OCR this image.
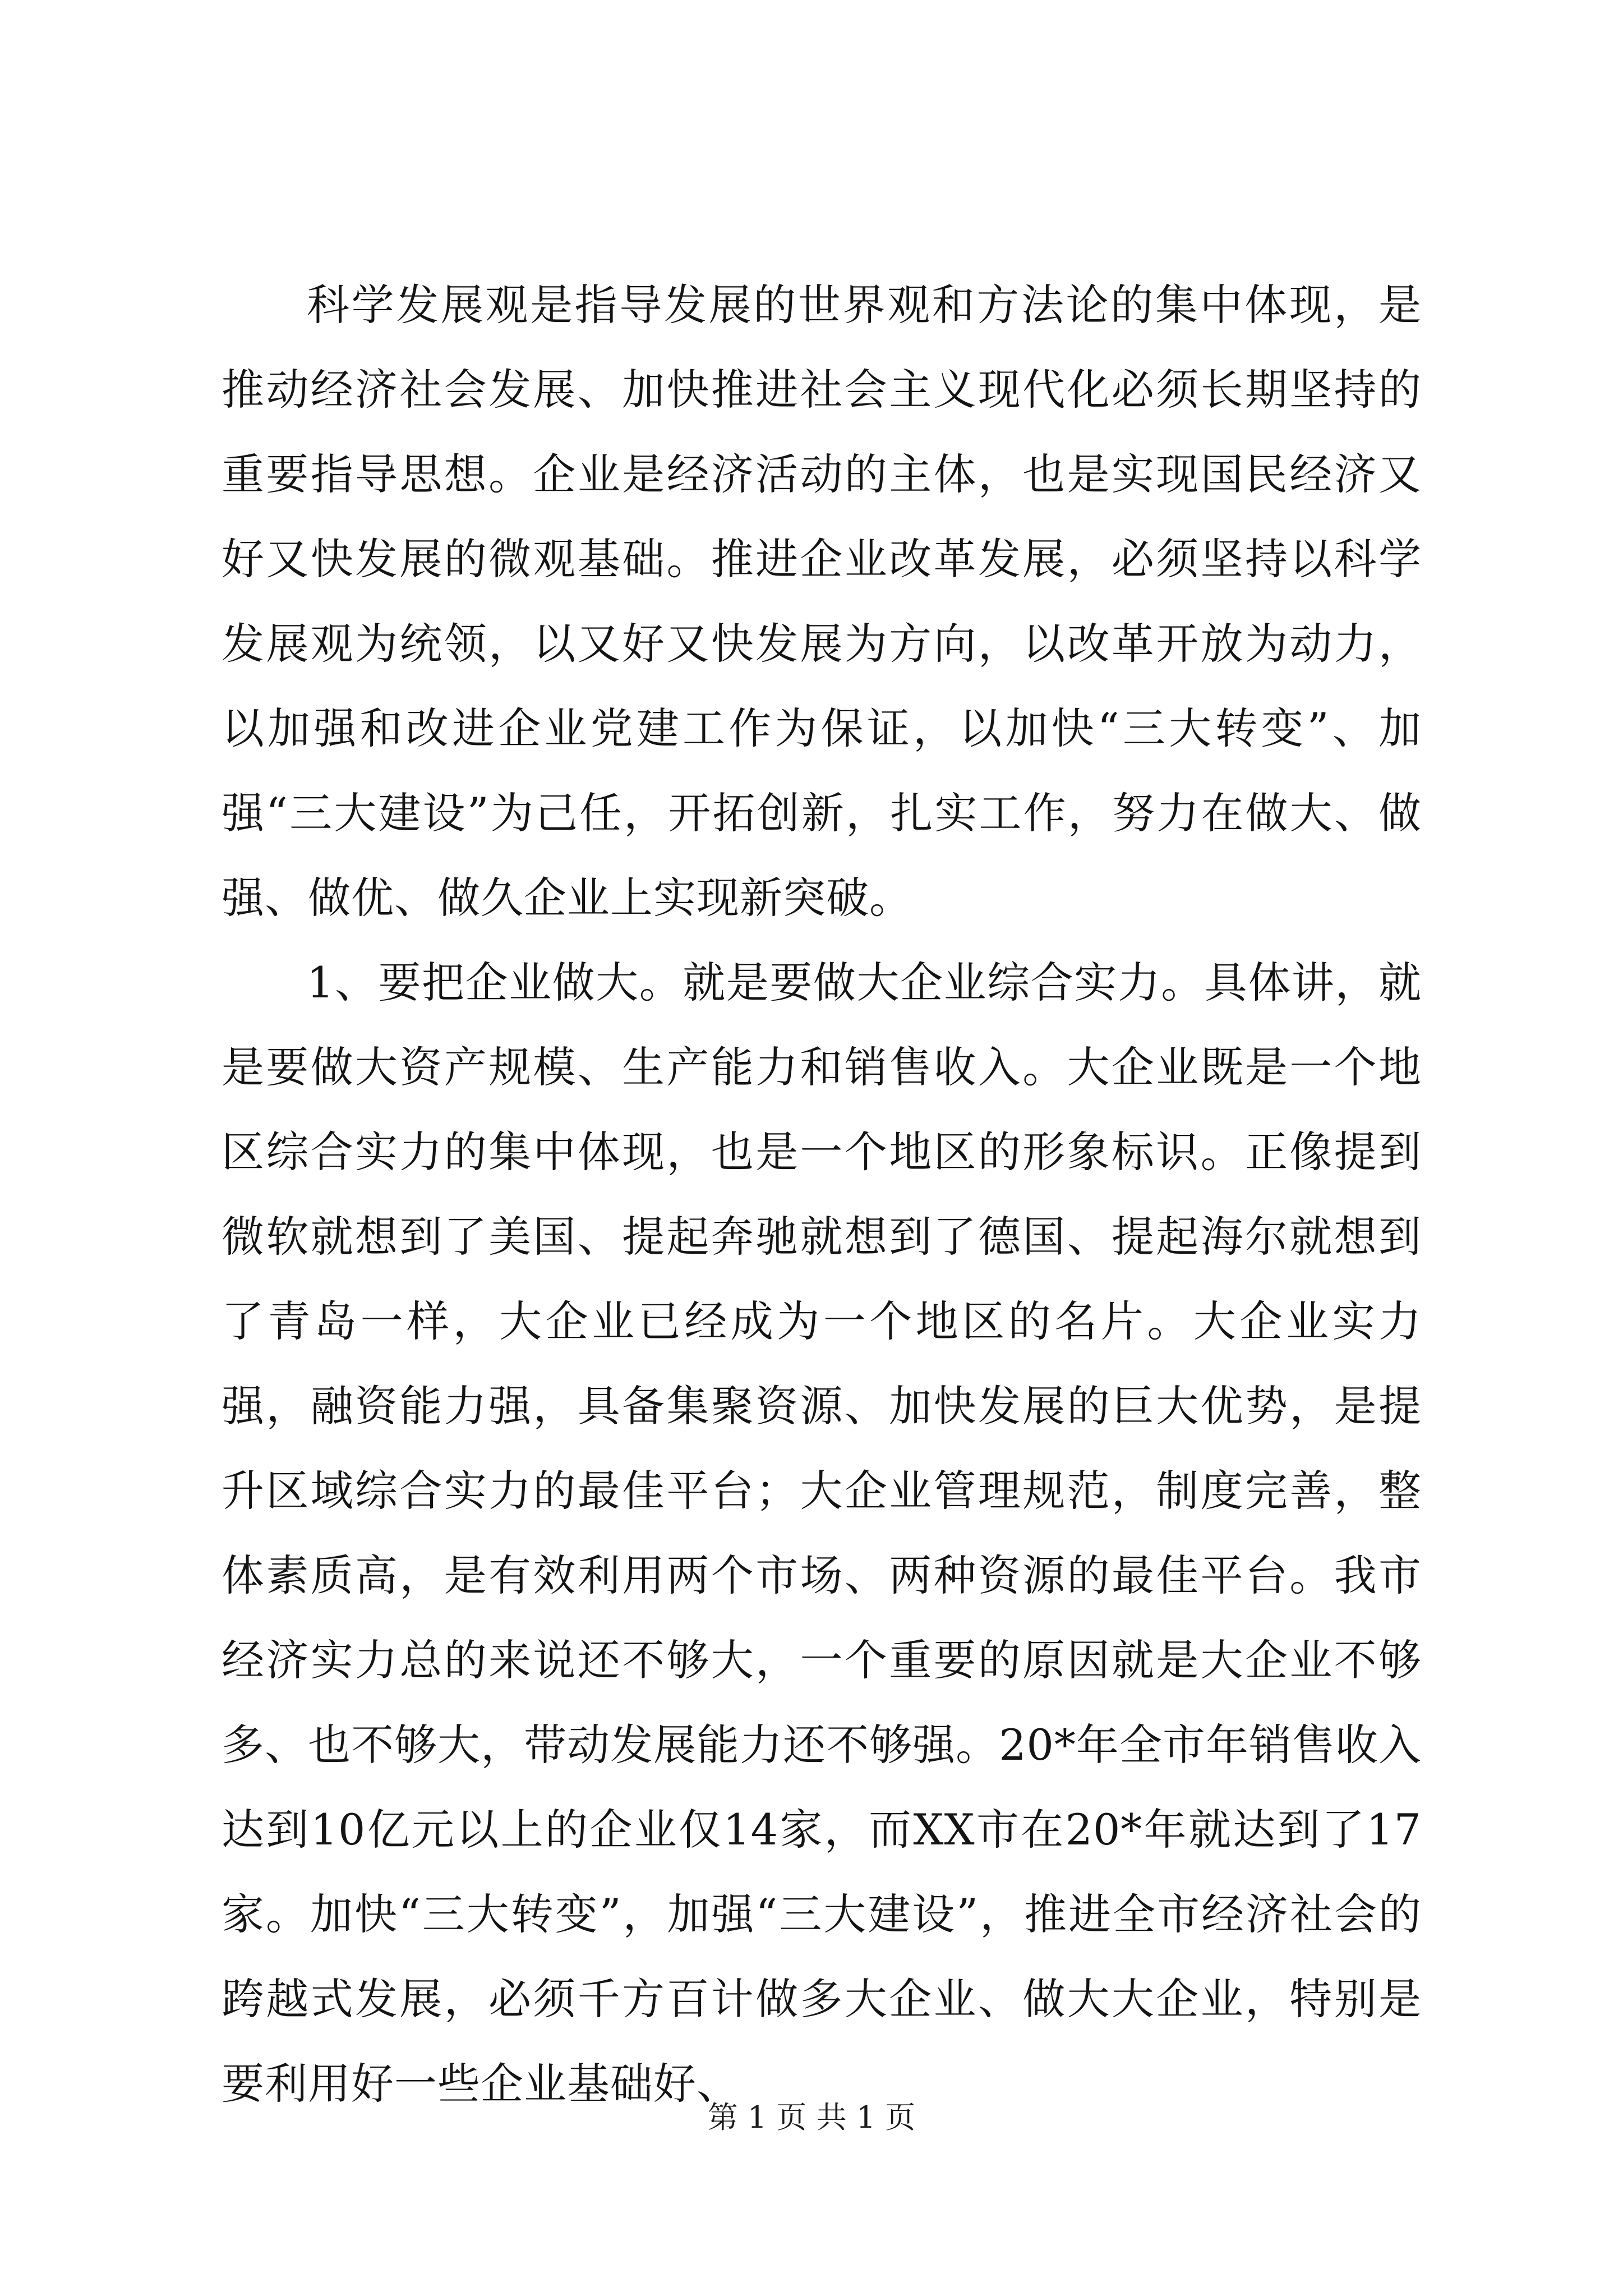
科学发展观是指导发展的世界观和方法论的集中体现，是推动经济社会发展、加快推进社会主义现代化必须长期坚持的重要指导思想。企业是经济活动的主体，也是实现国民经济又好又快发展的微观基础。推进企业改革发展，必须坚持以科学发展观为统领，以又好又快发展为方向，以改革开放为动力，以加强和改进企业党建工作为保证，以加快“三大转变”、加强“三大建设”为己任，开拓创新，扎实工作，努力在做大、做强、做优、做久企业上实现新突破。

1、要把企业做大。就是要做大企业综合实力。具体讲，就是要做大资产规模、生产能力和销售收入。大企业既是一个地区综合实力的集中体现，也是一个地区的形象标识。正像提到微软就想到了美国、提起奔驰就想到了德国、提起海尔就想到了青岛一样，大企业已经成为一个地区的名片。大企业实力强，融资能力强，具备集聚资源、加快发展的巨大优势，是提升区域综合实力的最佳平台；大企业管理规范，制度完善，整体素质高，是有效利用两个市场、两种资源的最佳平台。我市经济实力总的来说还不够大，一个重要的原因就是大企业不够多、也不够大，带动发展能力还不够强。20*年全市年销售收入达到10亿元以上的企业仅14家，而XX市在20*年就达到了17家。加快“三大转变”，加强“三大建设”，推进全市经济社会的跨越式发展，必须千方百计做多大企业、做大大企业，特别是要利用好一些企业基础好、

第 1 页 共 1 页
